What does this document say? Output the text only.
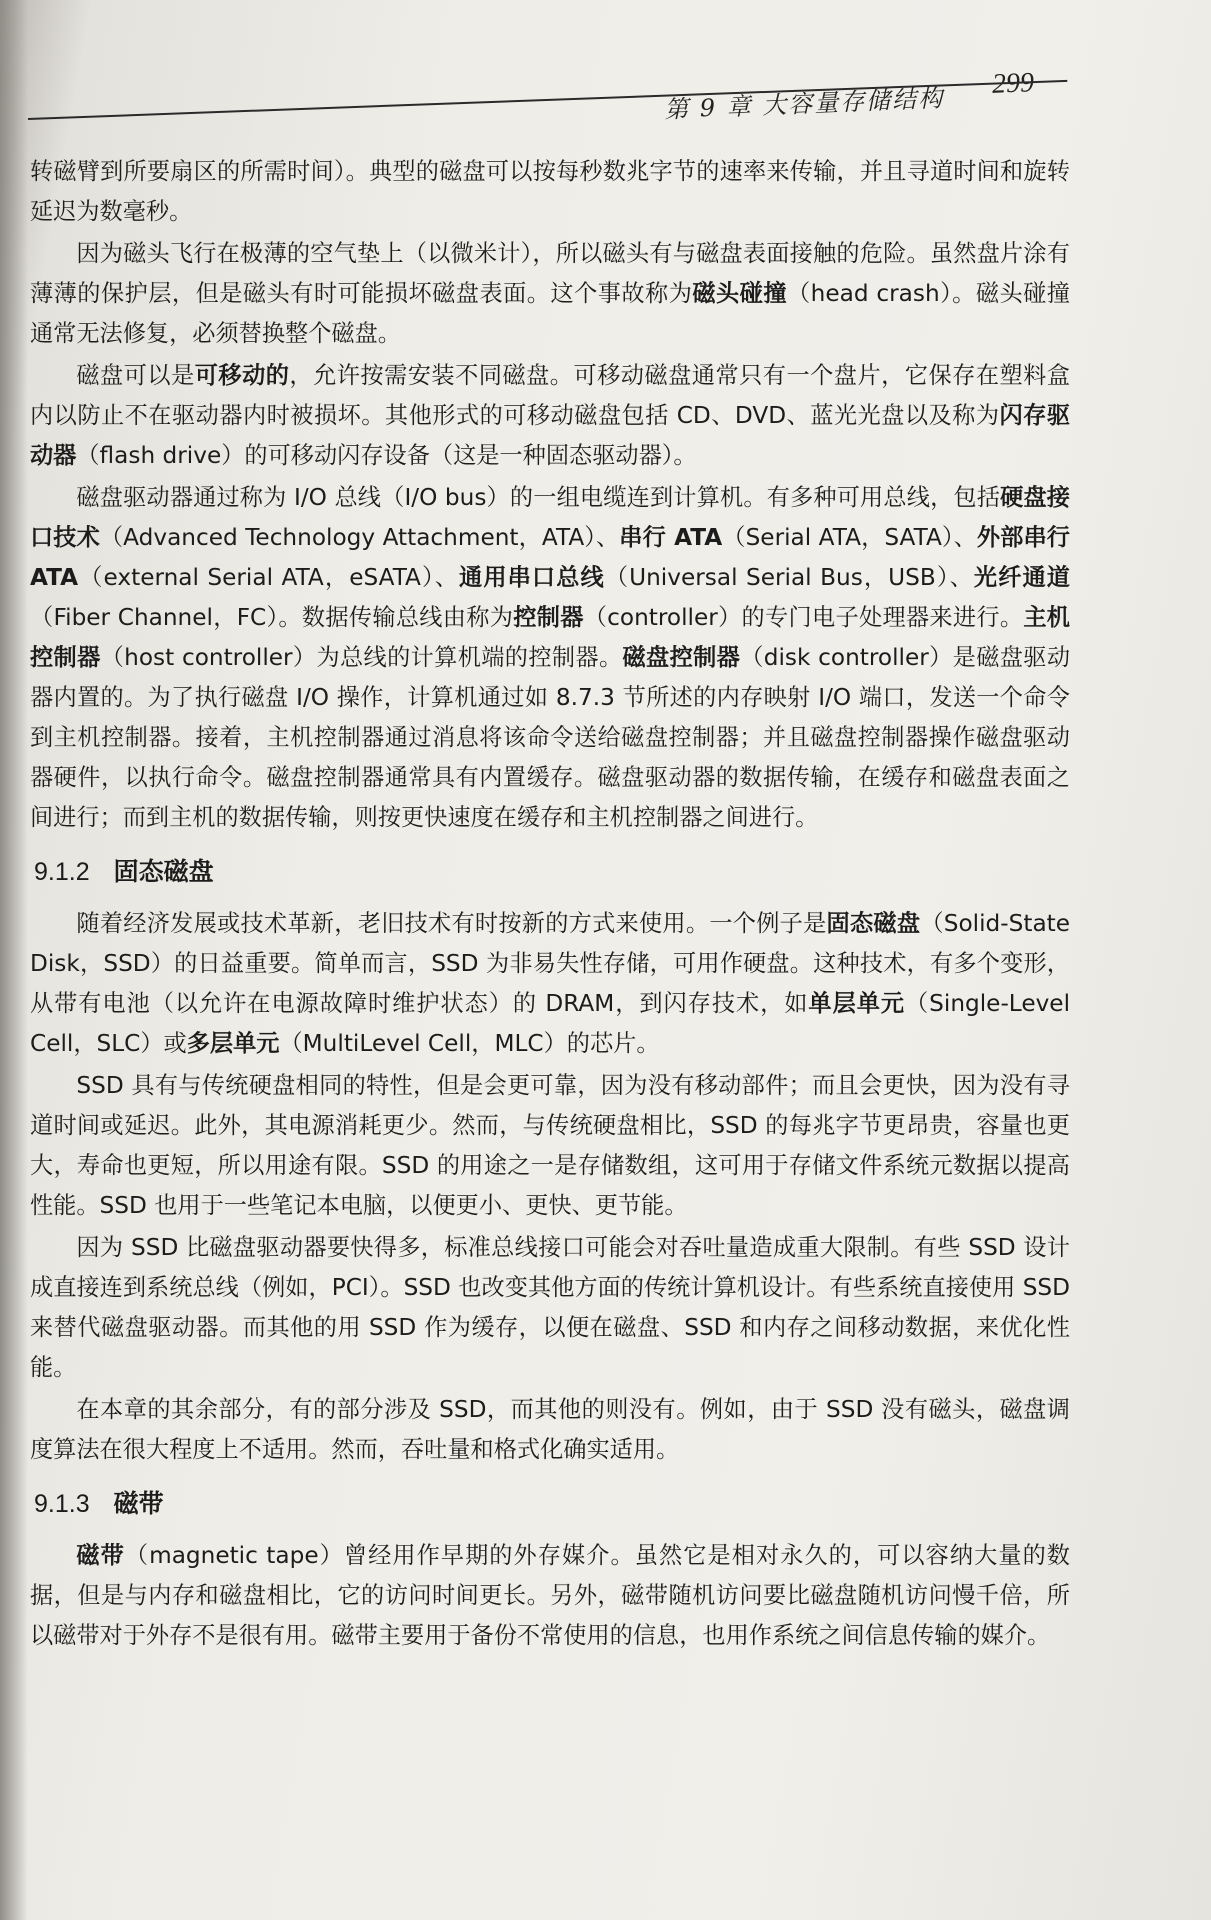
第 9 章 大容量存储结构
299

转磁臂到所要扇区的所需时间）。典型的磁盘可以按每秒数兆字节的速率来传输，并且寻道时间和旋转延迟为数毫秒。

因为磁头飞行在极薄的空气垫上（以微米计），所以磁头有与磁盘表面接触的危险。虽然盘片涂有薄薄的保护层，但是磁头有时可能损坏磁盘表面。这个事故称为磁头碰撞（head crash）。磁头碰撞通常无法修复，必须替换整个磁盘。

磁盘可以是可移动的，允许按需安装不同磁盘。可移动磁盘通常只有一个盘片，它保存在塑料盒内以防止不在驱动器内时被损坏。其他形式的可移动磁盘包括 CD、DVD、蓝光光盘以及称为闪存驱动器（flash drive）的可移动闪存设备（这是一种固态驱动器）。

磁盘驱动器通过称为 I/O 总线（I/O bus）的一组电缆连到计算机。有多种可用总线，包括硬盘接口技术（Advanced Technology Attachment，ATA）、串行 ATA（Serial ATA，SATA）、外部串行 ATA（external Serial ATA，eSATA）、通用串口总线（Universal Serial Bus，USB）、光纤通道（Fiber Channel，FC）。数据传输总线由称为控制器（controller）的专门电子处理器来进行。主机控制器（host controller）为总线的计算机端的控制器。磁盘控制器（disk controller）是磁盘驱动器内置的。为了执行磁盘 I/O 操作，计算机通过如 8.7.3 节所述的内存映射 I/O 端口，发送一个命令到主机控制器。接着，主机控制器通过消息将该命令送给磁盘控制器；并且磁盘控制器操作磁盘驱动器硬件，以执行命令。磁盘控制器通常具有内置缓存。磁盘驱动器的数据传输，在缓存和磁盘表面之间进行；而到主机的数据传输，则按更快速度在缓存和主机控制器之间进行。

9.1.2 固态磁盘

随着经济发展或技术革新，老旧技术有时按新的方式来使用。一个例子是固态磁盘（Solid-State Disk，SSD）的日益重要。简单而言，SSD 为非易失性存储，可用作硬盘。这种技术，有多个变形，从带有电池（以允许在电源故障时维护状态）的 DRAM，到闪存技术，如单层单元（Single-Level Cell，SLC）或多层单元（MultiLevel Cell，MLC）的芯片。

SSD 具有与传统硬盘相同的特性，但是会更可靠，因为没有移动部件；而且会更快，因为没有寻道时间或延迟。此外，其电源消耗更少。然而，与传统硬盘相比，SSD 的每兆字节更昂贵，容量也更大，寿命也更短，所以用途有限。SSD 的用途之一是存储数组，这可用于存储文件系统元数据以提高性能。SSD 也用于一些笔记本电脑，以便更小、更快、更节能。

因为 SSD 比磁盘驱动器要快得多，标准总线接口可能会对吞吐量造成重大限制。有些 SSD 设计成直接连到系统总线（例如，PCI）。SSD 也改变其他方面的传统计算机设计。有些系统直接使用 SSD 来替代磁盘驱动器。而其他的用 SSD 作为缓存，以便在磁盘、SSD 和内存之间移动数据，来优化性能。

在本章的其余部分，有的部分涉及 SSD，而其他的则没有。例如，由于 SSD 没有磁头，磁盘调度算法在很大程度上不适用。然而，吞吐量和格式化确实适用。

9.1.3 磁带

磁带（magnetic tape）曾经用作早期的外存媒介。虽然它是相对永久的，可以容纳大量的数据，但是与内存和磁盘相比，它的访问时间更长。另外，磁带随机访问要比磁盘随机访问慢千倍，所以磁带对于外存不是很有用。磁带主要用于备份不常使用的信息，也用作系统之间信息传输的媒介。
